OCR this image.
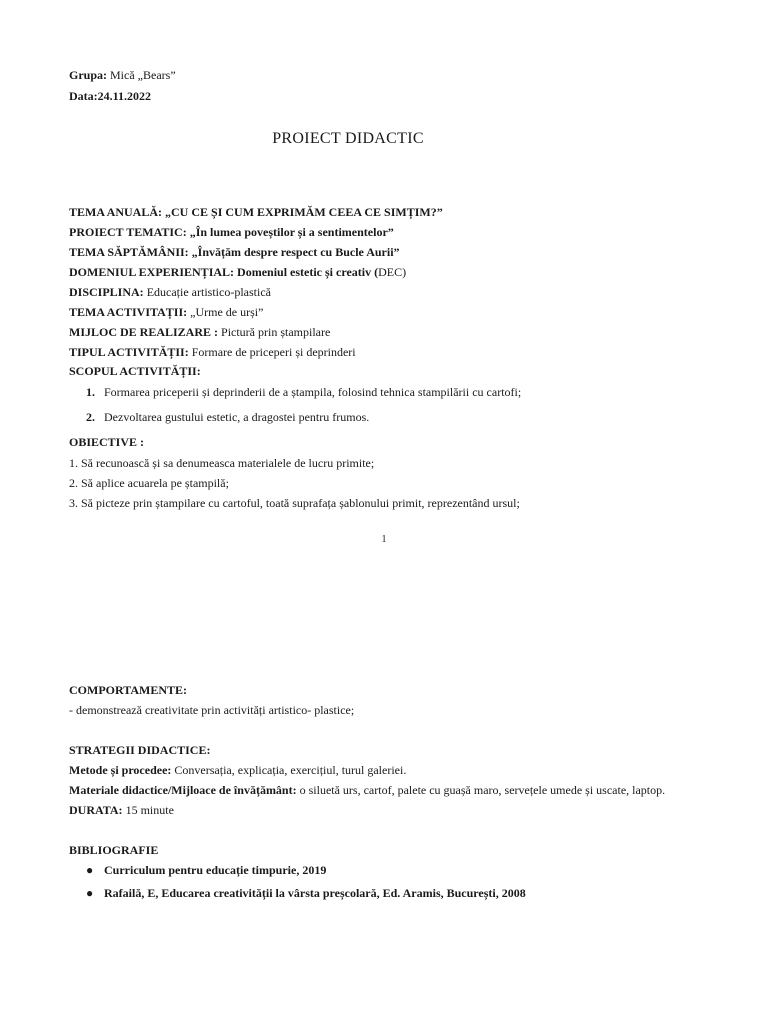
Grupa: Mică „Bears”
Data:24.11.2022
PROIECT DIDACTIC
TEMA ANUALĂ: „CU CE ȘI CUM EXPRIMĂM CEEA CE SIMȚIM?”
PROIECT TEMATIC: „În lumea poveștilor și a sentimentelor”
TEMA SĂPTĂMÂNII: „Învățăm despre respect cu Bucle Aurii”
DOMENIUL EXPERIENȚIAL: Domeniul estetic și creativ (DEC)
DISCIPLINA: Educație artistico-plastică
TEMA ACTIVITAȚII: „Urme de urși”
MIJLOC DE REALIZARE : Pictură prin ștampilare
TIPUL ACTIVITĂȚII: Formare de priceperi și deprinderi
SCOPUL ACTIVITĂȚII:
1. Formarea priceperii și deprinderii de a ștampila, folosind tehnica stampilării cu cartofi;
2. Dezvoltarea gustului estetic, a dragostei pentru frumos.
OBIECTIVE :
1. Să recunoască și sa denumeasca materialele de lucru primite;
2. Să aplice acuarela pe ștampilă;
3. Să picteze prin ștampilare cu cartoful, toată suprafața șablonului primit, reprezentând ursul;
1
COMPORTAMENTE:
- demonstrează creativitate prin activități artistico- plastice;
STRATEGII DIDACTICE:
Metode și procedee: Conversația, explicația, exercițiul, turul galeriei.
Materiale didactice/Mijloace de învățământ: o siluetă urs, cartof, palete cu guașă maro, servețele umede și uscate, laptop.
DURATA: 15 minute
BIBLIOGRAFIE
● Curriculum pentru educație timpurie, 2019
● Rafailă, E, Educarea creativității la vârsta preșcolară, Ed. Aramis, București, 2008
